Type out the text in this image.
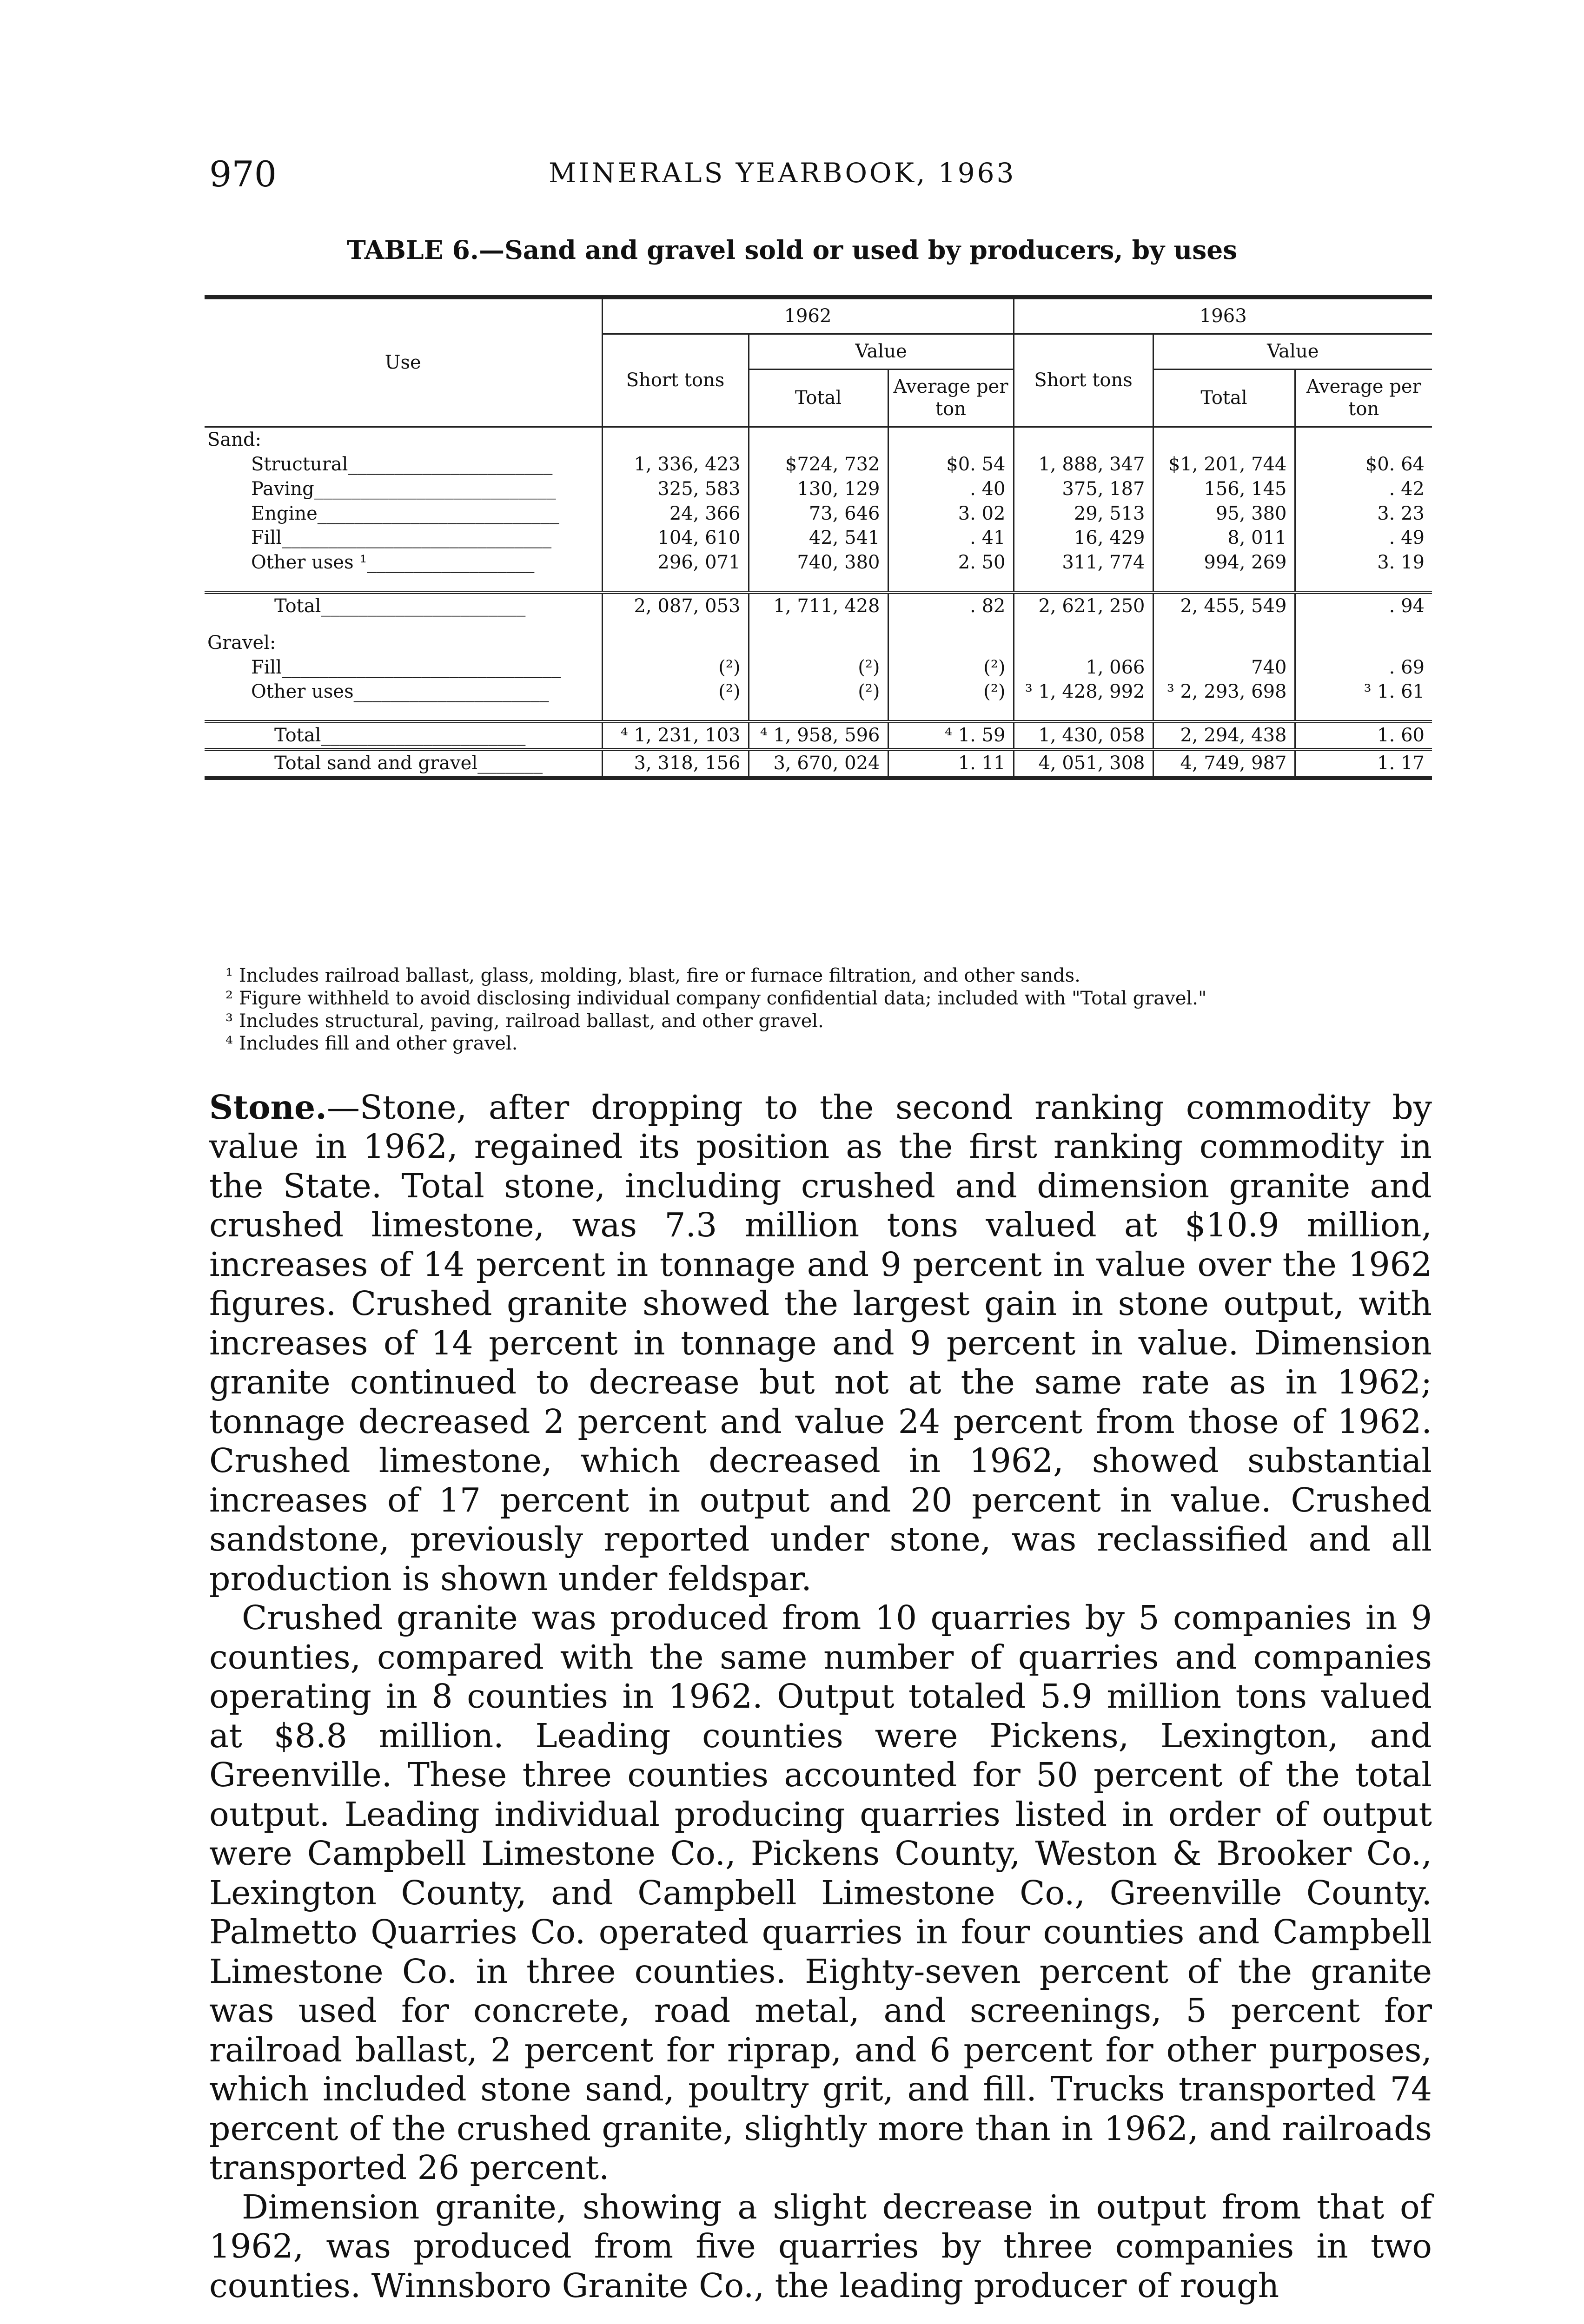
970	MINERALS YEARBOOK, 1963
TABLE 6.—Sand and gravel sold or used by producers, by uses
Use	1962			1963		
	Short tons	Value		Short tons	Value	
		Total	Average per ton		Total	Average per ton
Sand:						
Structural______________________	1, 336, 423	$724, 732	$0. 54	1, 888, 347	$1, 201, 744	$0. 64
Paving__________________________	325, 583	130, 129	. 40	375, 187	156, 145	. 42
Engine__________________________	24, 366	73, 646	3. 02	29, 513	95, 380	3. 23
Fill_____________________________	104, 610	42, 541	. 41	16, 429	8, 011	. 49
Other uses ¹__________________	296, 071	740, 380	2. 50	311, 774	994, 269	3. 19

Total______________________	2, 087, 053	1, 711, 428	. 82	2, 621, 250	2, 455, 549	. 94
Gravel:						
Fill______________________________	(²)	(²)	(²)	1, 066	740	. 69
Other uses_____________________	(²)	(²)	(²)	³ 1, 428, 992	³ 2, 293, 698	³ 1. 61

Total______________________	⁴ 1, 231, 103	⁴ 1, 958, 596	⁴ 1. 59	1, 430, 058	2, 294, 438	1. 60
Total sand and gravel_______	3, 318, 156	3, 670, 024	1. 11	4, 051, 308	4, 749, 987	1. 17
¹ Includes railroad ballast, glass, molding, blast, fire or furnace filtration, and other sands.
² Figure withheld to avoid disclosing individual company confidential data; included with "Total gravel."
³ Includes structural, paving, railroad ballast, and other gravel.
⁴ Includes fill and other gravel.

Stone.—Stone, after dropping to the second ranking commodity by value in 1962, regained its position as the first ranking commodity in the State. Total stone, including crushed and dimension granite and crushed limestone, was 7.3 million tons valued at $10.9 million, increases of 14 percent in tonnage and 9 percent in value over the 1962 figures. Crushed granite showed the largest gain in stone output, with increases of 14 percent in tonnage and 9 percent in value. Dimension granite continued to decrease but not at the same rate as in 1962; tonnage decreased 2 percent and value 24 percent from those of 1962. Crushed limestone, which decreased in 1962, showed substantial increases of 17 percent in output and 20 percent in value. Crushed sandstone, previously reported under stone, was reclassified and all production is shown under feldspar.

Crushed granite was produced from 10 quarries by 5 companies in 9 counties, compared with the same number of quarries and companies operating in 8 counties in 1962. Output totaled 5.9 million tons valued at $8.8 million. Leading counties were Pickens, Lexington, and Greenville. These three counties accounted for 50 percent of the total output. Leading individual producing quarries listed in order of output were Campbell Limestone Co., Pickens County, Weston & Brooker Co., Lexington County, and Campbell Limestone Co., Greenville County. Palmetto Quarries Co. operated quarries in four counties and Campbell Limestone Co. in three counties. Eighty-seven percent of the granite was used for concrete, road metal, and screenings, 5 percent for railroad ballast, 2 percent for riprap, and 6 percent for other purposes, which included stone sand, poultry grit, and fill. Trucks transported 74 percent of the crushed granite, slightly more than in 1962, and railroads transported 26 percent.

Dimension granite, showing a slight decrease in output from that of 1962, was produced from five quarries by three companies in two counties. Winnsboro Granite Co., the leading producer of rough
